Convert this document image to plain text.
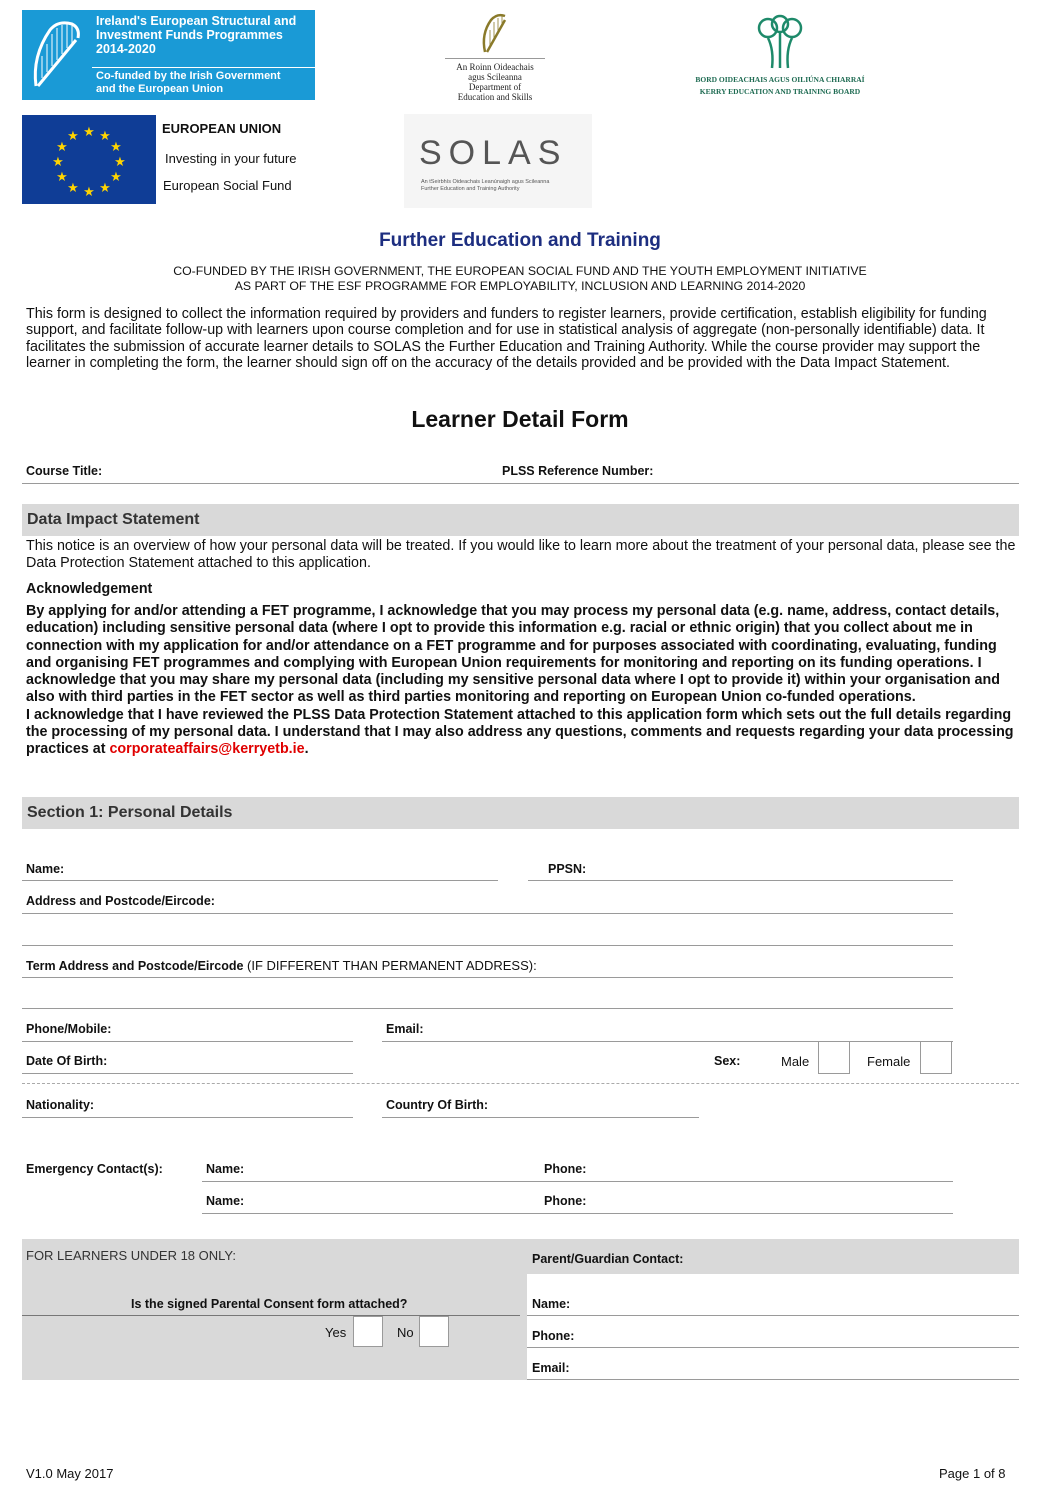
Ireland's European Structural and
Investment Funds Programmes
2014-2020
Co-funded by the Irish Government
and the European Union
An Roinn Oideachais
agus Scileanna
Department of
Education and Skills
BORD OIDEACHAIS AGUS OILIÚNA CHIARRAÍ
KERRY EDUCATION AND TRAINING BOARD
★ ★
★
★
★
★
★
★
★
★
★
★
EUROPEAN UNION
Investing in your future
European Social Fund
SOLAS
An tSeirbhís Oideachais Leanúnaigh agus Scileanna
Further Education and Training Authority
Further Education and Training
CO-FUNDED BY THE IRISH GOVERNMENT, THE EUROPEAN SOCIAL FUND AND THE YOUTH EMPLOYMENT INITIATIVE
AS PART OF THE ESF PROGRAMME FOR EMPLOYABILITY, INCLUSION AND LEARNING 2014-2020
This form is designed to collect the information required by providers and funders to register learners, provide certification, establish eligibility for funding support, and facilitate follow-up with learners upon course completion and for use in statistical analysis of aggregate (non-personally identifiable) data. It facilitates the submission of accurate learner details to SOLAS the Further Education and Training Authority. While the course provider may support the learner in completing the form, the learner should sign off on the accuracy of the details provided and be provided with the Data Impact Statement.
Learner Detail Form
Course Title:	PLSS Reference Number:
Data Impact Statement
This notice is an overview of how your personal data will be treated. If you would like to learn more about the treatment of your personal data, please see the Data Protection Statement attached to this application.
Acknowledgement
By applying for and/or attending a FET programme, I acknowledge that you may process my personal data (e.g. name, address, contact details, education) including sensitive personal data (where I opt to provide this information e.g. racial or ethnic origin) that you collect about me in connection with my application for and/or attendance on a FET programme and for purposes associated with coordinating, evaluating, funding and organising FET programmes and complying with European Union requirements for monitoring and reporting on its funding operations. I acknowledge that you may share my personal data (including my sensitive personal data where I opt to provide it) within your organisation and also with third parties in the FET sector as well as third parties monitoring and reporting on European Union co-funded operations.
I acknowledge that I have reviewed the PLSS Data Protection Statement attached to this application form which sets out the full details regarding the processing of my personal data. I understand that I may also address any questions, comments and requests regarding your data processing practices at corporateaffairs@kerryetb.ie.
Section 1: Personal Details
Name:	PPSN:
Address and Postcode/Eircode:
Term Address and Postcode/Eircode (IF DIFFERENT THAN PERMANENT ADDRESS):
Phone/Mobile:	Email:
Date Of Birth:	Sex:	Male	Female
Nationality:	Country Of Birth:
Emergency Contact(s):	Name:	Phone:
Name:	Phone:
FOR LEARNERS UNDER 18 ONLY:
Is the signed Parental Consent form attached?
Yes	No
Parent/Guardian Contact:
Name:
Phone:
Email:
V1.0 May 2017	Page 1 of 8
